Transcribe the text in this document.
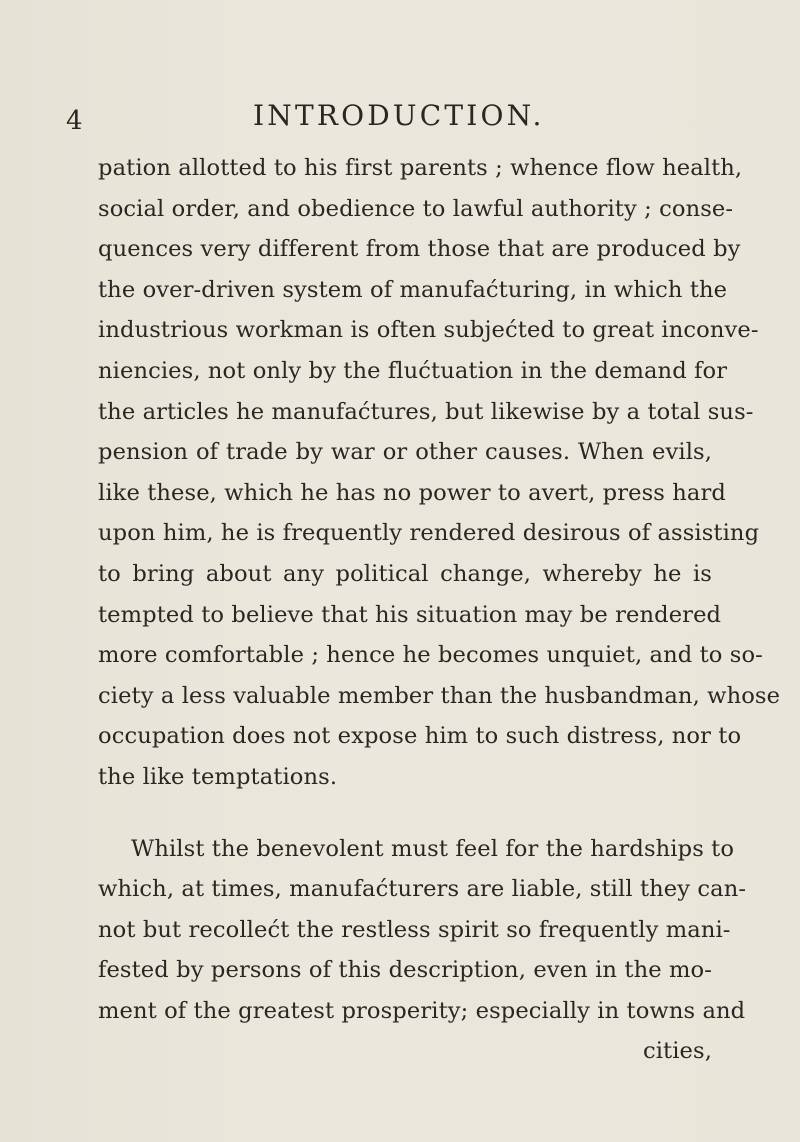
4	INTRODUCTION.
pation allotted to his first parents ; whence flow health,
social order, and obedience to lawful authority ; conse-
quences very different from those that are produced by
the over-driven system of manufaćturing, in which the
industrious workman is often subjećted to great inconve-
niencies, not only by the flućtuation in the demand for
the articles he manufaćtures, but likewise by a total sus-
pension of trade by war or other causes. When evils,
like these, which he has no power to avert, press hard
upon him, he is frequently rendered desirous of assisting
to bring about any political change, whereby he is
tempted to believe that his situation may be rendered
more comfortable ; hence he becomes unquiet, and to so-
ciety a less valuable member than the husbandman, whose
occupation does not expose him to such distress, nor to
the like temptations.
Whilst the benevolent must feel for the hardships to
which, at times, manufaćturers are liable, still they can-
not but recollećt the restless spirit so frequently mani-
fested by persons of this description, even in the mo-
ment of the greatest prosperity; especially in towns and
cities,
